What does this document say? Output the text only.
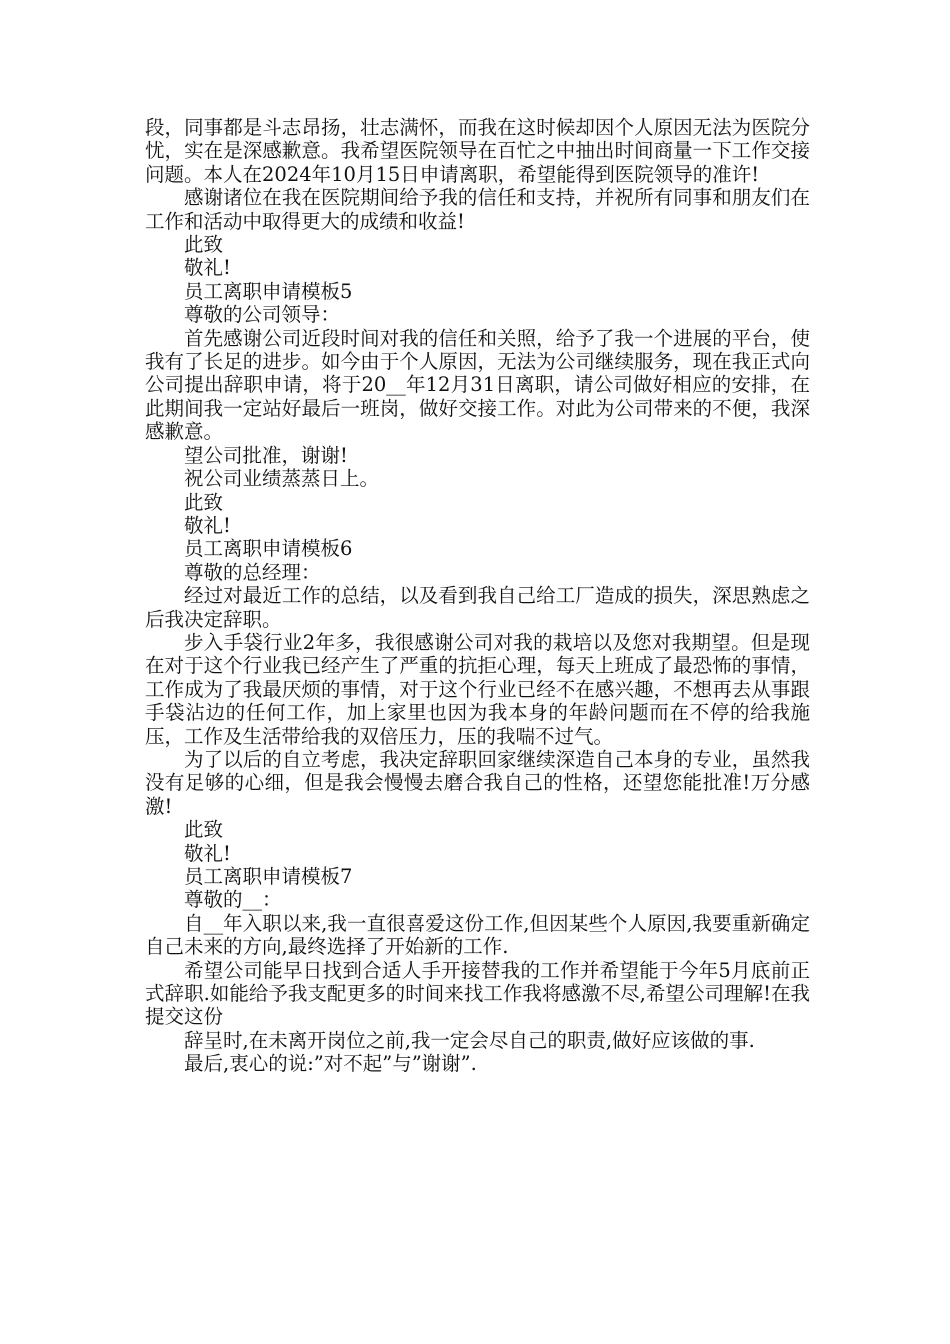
段，同事都是斗志昂扬，壮志满怀，而我在这时候却因个人原因无法为医院分忧，实在是深感歉意。我希望医院领导在百忙之中抽出时间商量一下工作交接问题。本人在2024年10月15日申请离职，希望能得到医院领导的准许!

感谢诸位在我在医院期间给予我的信任和支持，并祝所有同事和朋友们在工作和活动中取得更大的成绩和收益!

此致

敬礼!

员工离职申请模板5

尊敬的公司领导：

首先感谢公司近段时间对我的信任和关照，给予了我一个进展的平台，使我有了长足的进步。如今由于个人原因，无法为公司继续服务，现在我正式向公司提出辞职申请，将于20__年12月31日离职，请公司做好相应的安排，在此期间我一定站好最后一班岗，做好交接工作。对此为公司带来的不便，我深感歉意。

望公司批准，谢谢!

祝公司业绩蒸蒸日上。

此致

敬礼!

员工离职申请模板6

尊敬的总经理：

经过对最近工作的总结，以及看到我自己给工厂造成的损失，深思熟虑之后我决定辞职。

步入手袋行业2年多，我很感谢公司对我的栽培以及您对我期望。但是现在对于这个行业我已经产生了严重的抗拒心理，每天上班成了最恐怖的事情，工作成为了我最厌烦的事情，对于这个行业已经不在感兴趣，不想再去从事跟手袋沾边的任何工作，加上家里也因为我本身的年龄问题而在不停的给我施压，工作及生活带给我的双倍压力，压的我喘不过气。

为了以后的自立考虑，我决定辞职回家继续深造自己本身的专业，虽然我没有足够的心细，但是我会慢慢去磨合我自己的性格，还望您能批准!万分感激!

此致

敬礼!

员工离职申请模板7

尊敬的__：

自__年入职以来,我一直很喜爱这份工作,但因某些个人原因,我要重新确定自己未来的方向,最终选择了开始新的工作.

希望公司能早日找到合适人手开接替我的工作并希望能于今年5月底前正式辞职.如能给予我支配更多的时间来找工作我将感激不尽,希望公司理解!在我提交这份

辞呈时,在未离开岗位之前,我一定会尽自己的职责,做好应该做的事.

最后,衷心的说:”对不起”与”谢谢”.
